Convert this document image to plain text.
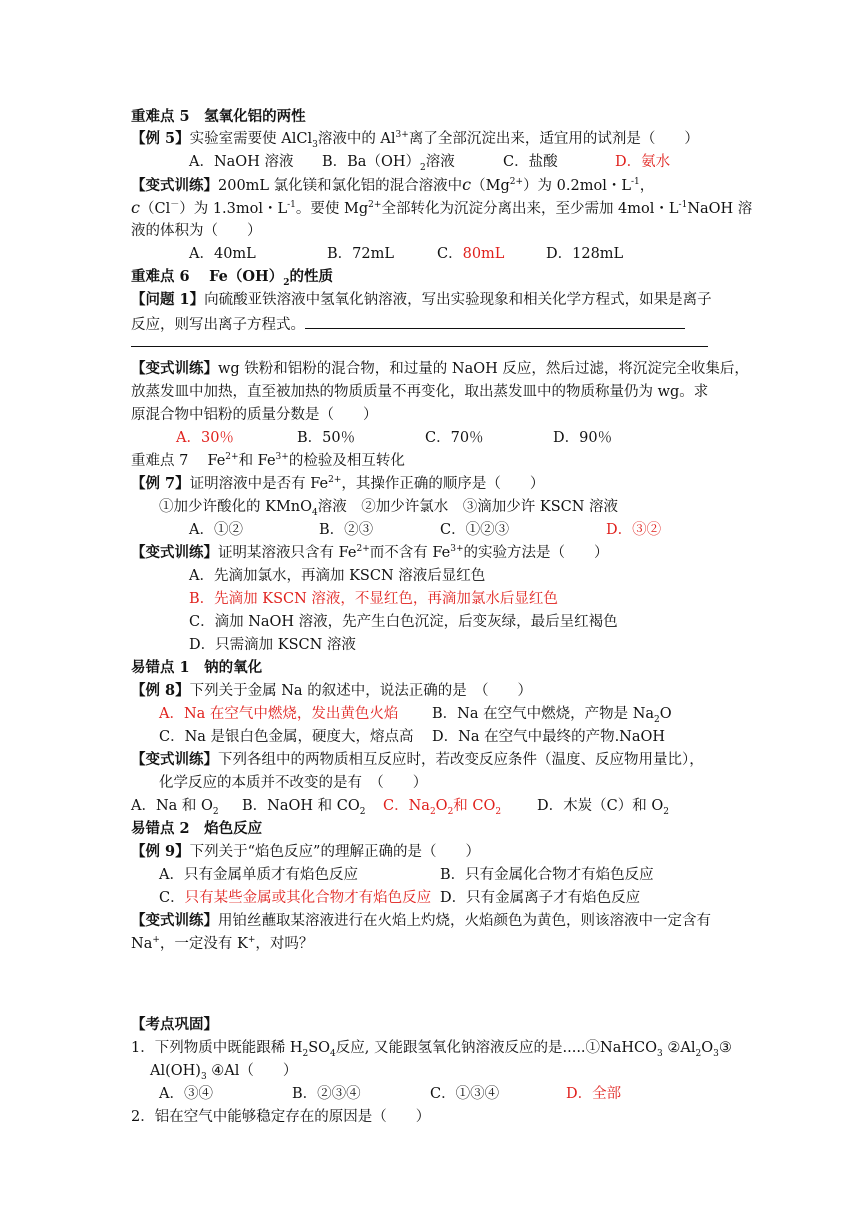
重难点 5　氢氧化铝的两性
【例 5】实验室需要使 AlCl$_3$溶液中的 $Al^{3+}$离了全部沉淀出来，适宜用的试剂是（　　）
A．NaOH 溶液 B．$Ba(OH)_2$溶液	C．盐酸	D．氨水
【变式训练】200mL 氯化镁和氯化铝的混合溶液中$c(Mg^{2+})$为 0.2mol・$L^{-1}$，
c（Cl－）为 1.3mol・$L^{-1}$。要使 $Mg^{2+}$全部转化为沉淀分离出来，至少需加 4mol・$L^{-1}NaOH$ 溶
液的体积为（　　）
A．40mL	B．72mL	C．80mL	D．128mL
重难点 6　 $Fe(OH)_2$的性质
【问题 1】向硫酸亚铁溶液中氢氧化钠溶液，写出实验现象和相关化学方程式，如果是离子
反应，则写出离子方程式。
【变式训练】wg 铁粉和铝粉的混合物，和过量的 NaOH 反应，然后过滤，将沉淀完全收集后，
放蒸发皿中加热，直至被加热的物质质量不再变化，取出蒸发皿中的物质称量仍为 wg。求
原混合物中铝粉的质量分数是（　　）
A．30％	B．50％	C．70％	D．90％
重难点 7　 $Fe^{2+}$和 $Fe^{3+}$的检验及相互转化
【例 7】证明溶液中是否有 $Fe^{2+}$，其操作正确的顺序是（　　）
①加少许酸化的 KMnO$_4$溶液　②加少许氯水　③滴加少许 KSCN 溶液
A．①②	B．②③	C．①②③	D．③②
【变式训练】证明某溶液只含有 $Fe^{2+}$而不含有 $Fe^{3+}$的实验方法是（　　）
A．先滴加氯水，再滴加 KSCN 溶液后显红色
B．先滴加 KSCN 溶液，不显红色，再滴加氯水后显红色
C．滴加 NaOH 溶液，先产生白色沉淀，后变灰绿，最后呈红褐色
D．只需滴加 KSCN 溶液
易错点 1　钠的氧化
【例 8】下列关于金属 Na 的叙述中，说法正确的是　（　　）
A．Na 在空气中燃烧，发出黄色火焰 B．Na 在空气中燃烧，产物是 $Na_2O$
C．Na 是银白色金属，硬度大，熔点高 D．Na 在空气中最终的产物.NaOH
【变式训练】下列各组中的两物质相互反应时，若改变反应条件（温度、反应物用量比），
化学反应的本质并不改变的是有　（　　）
A．Na 和 $O_2$ B．NaOH 和 $CO_2$ C．$Na_2O_2$和 $CO_2$ D．木炭（C）和 $O_2$
易错点 2　焰色反应
【例 9】下列关于“焰色反应”的理解正确的是（　　）
A．只有金属单质才有焰色反应	B．只有金属化合物才有焰色反应
C．只有某些金属或其化合物才有焰色反应 D．只有金属离子才有焰色反应
【变式训练】用铂丝蘸取某溶液进行在火焰上灼烧，火焰颜色为黄色，则该溶液中一定含有
Na+，一定没有 K+，对吗？
【考点巩固】
1．下列物质中既能跟稀 $H_2SO_4$反应, 又能跟氢氧化钠溶液反应的是.....①NaHCO$_3$ $②Al_2O_3③$
$Al(OH)_3$ ④Al（　　）
A．③④	B．②③④	C．①③④	D．全部
2．铝在空气中能够稳定存在的原因是（　　）
